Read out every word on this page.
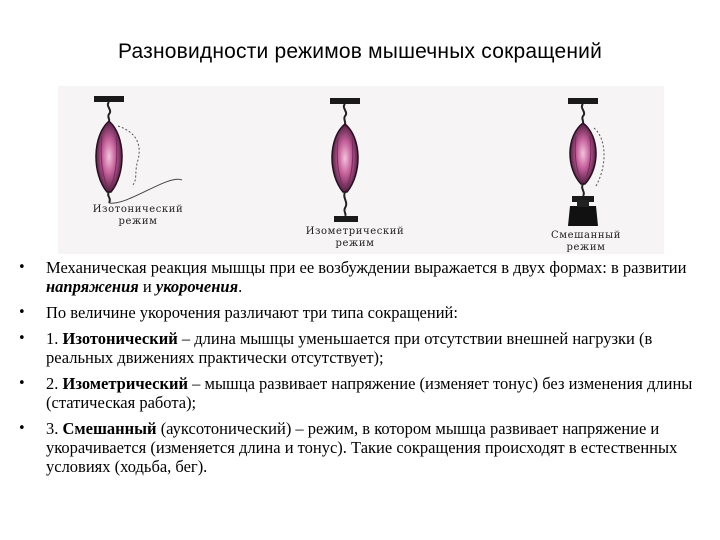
Разновидности режимов мышечных сокращений
Изотонический
режим
Изометрический
режим
Смешанный
режим
• Механическая реакция мышцы при ее возбуждении выражается в двух формах: в развитии напряжения и укорочения.
• По величине укорочения различают три типа сокращений:
• 1. Изотонический – длина мышцы уменьшается при отсутствии внешней нагрузки (в реальных движениях практически отсутствует);
• 2. Изометрический – мышца развивает напряжение (изменяет тонус) без изменения длины (статическая работа);
• 3. Смешанный (ауксотонический) – режим, в котором мышца развивает напряжение и укорачивается (изменяется длина и тонус). Такие сокращения происходят в естественных условиях (ходьба, бег).
